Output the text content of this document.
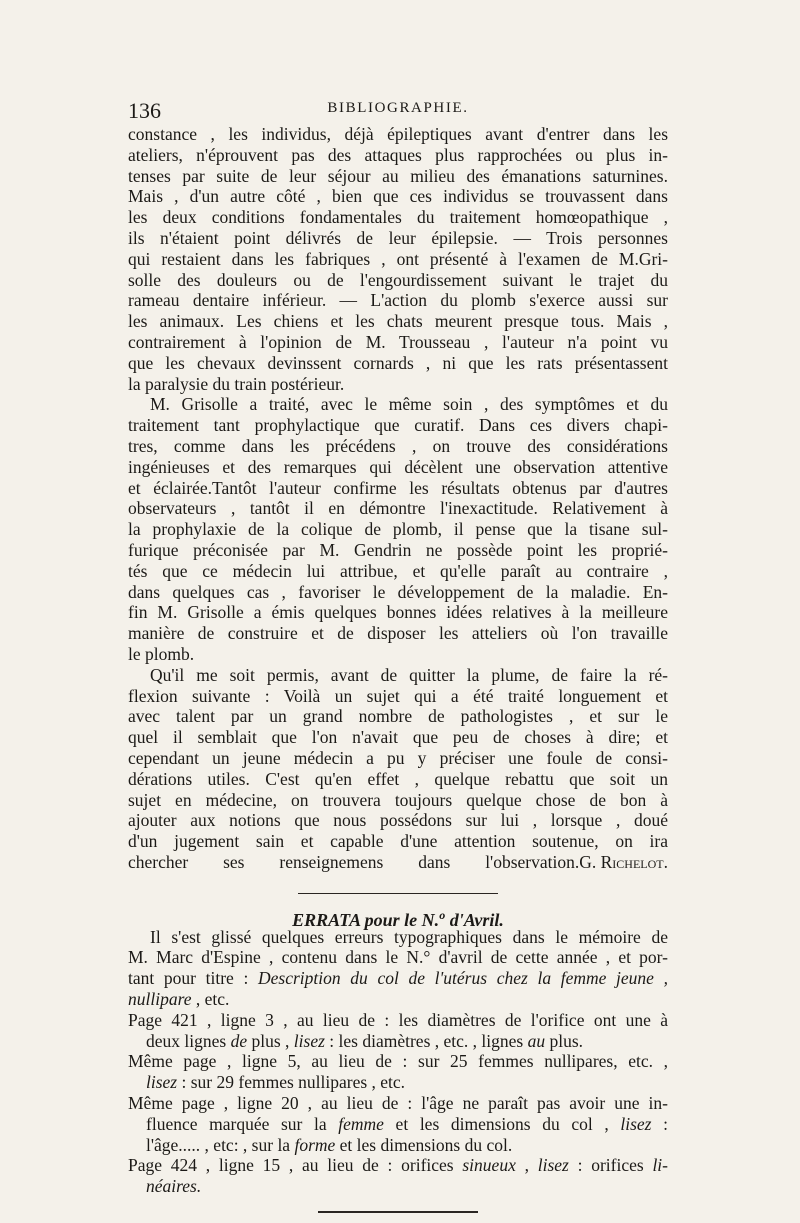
136	BIBLIOGRAPHIE.
constance , les individus, déjà épileptiques avant d'entrer dans les
ateliers, n'éprouvent pas des attaques plus rapprochées ou plus in-
tenses par suite de leur séjour au milieu des émanations saturnines.
Mais , d'un autre côté , bien que ces individus se trouvassent dans
les deux conditions fondamentales du traitement homœopathique ,
ils n'étaient point délivrés de leur épilepsie. — Trois personnes
qui restaient dans les fabriques , ont présenté à l'examen de M.Gri-
solle des douleurs ou de l'engourdissement suivant le trajet du
rameau dentaire inférieur. — L'action du plomb s'exerce aussi sur
les animaux. Les chiens et les chats meurent presque tous. Mais ,
contrairement à l'opinion de M. Trousseau , l'auteur n'a point vu
que les chevaux devinssent cornards , ni que les rats présentassent
la paralysie du train postérieur.
M. Grisolle a traité, avec le même soin , des symptômes et du
traitement tant prophylactique que curatif. Dans ces divers chapi-
tres, comme dans les précédens , on trouve des considérations
ingénieuses et des remarques qui décèlent une observation attentive
et éclairée.Tantôt l'auteur confirme les résultats obtenus par d'autres
observateurs , tantôt il en démontre l'inexactitude. Relativement à
la prophylaxie de la colique de plomb, il pense que la tisane sul-
furique préconisée par M. Gendrin ne possède point les proprié-
tés que ce médecin lui attribue, et qu'elle paraît au contraire ,
dans quelques cas , favoriser le développement de la maladie. En-
fin M. Grisolle a émis quelques bonnes idées relatives à la meilleure
manière de construire et de disposer les atteliers où l'on travaille
le plomb.
Qu'il me soit permis, avant de quitter la plume, de faire la ré-
flexion suivante : Voilà un sujet qui a été traité longuement et
avec talent par un grand nombre de pathologistes , et sur le
quel il semblait que l'on n'avait que peu de choses à dire; et
cependant un jeune médecin a pu y préciser une foule de consi-
dérations utiles. C'est qu'en effet , quelque rebattu que soit un
sujet en médecine, on trouvera toujours quelque chose de bon à
ajouter aux notions que nous possédons sur lui , lorsque , doué
d'un jugement sain et capable d'une attention soutenue, on ira
chercher ses renseignemens dans l'observation. G. Richelot.
ERRATA pour le N.$^o$ d'Avril.
Il s'est glissé quelques erreurs typographiques dans le mémoire de
M. Marc d'Espine , contenu dans le N.° d'avril de cette année , et por-
tant pour titre : Description du col de l'utérus chez la femme jeune ,
nullipare , etc.
Page 421 , ligne 3 , au lieu de : les diamètres de l'orifice ont une à
deux lignes de plus , lisez : les diamètres , etc. , lignes au plus.
Même page , ligne 5, au lieu de : sur 25 femmes nullipares, etc. ,
lisez : sur 29 femmes nullipares , etc.
Même page , ligne 20 , au lieu de : l'âge ne paraît pas avoir une in-
fluence marquée sur la femme et les dimensions du col , lisez :
l'âge..... , etc: , sur la forme et les dimensions du col.
Page 424 , ligne 15 , au lieu de : orifices sinueux , lisez : orifices li-
néaires.
